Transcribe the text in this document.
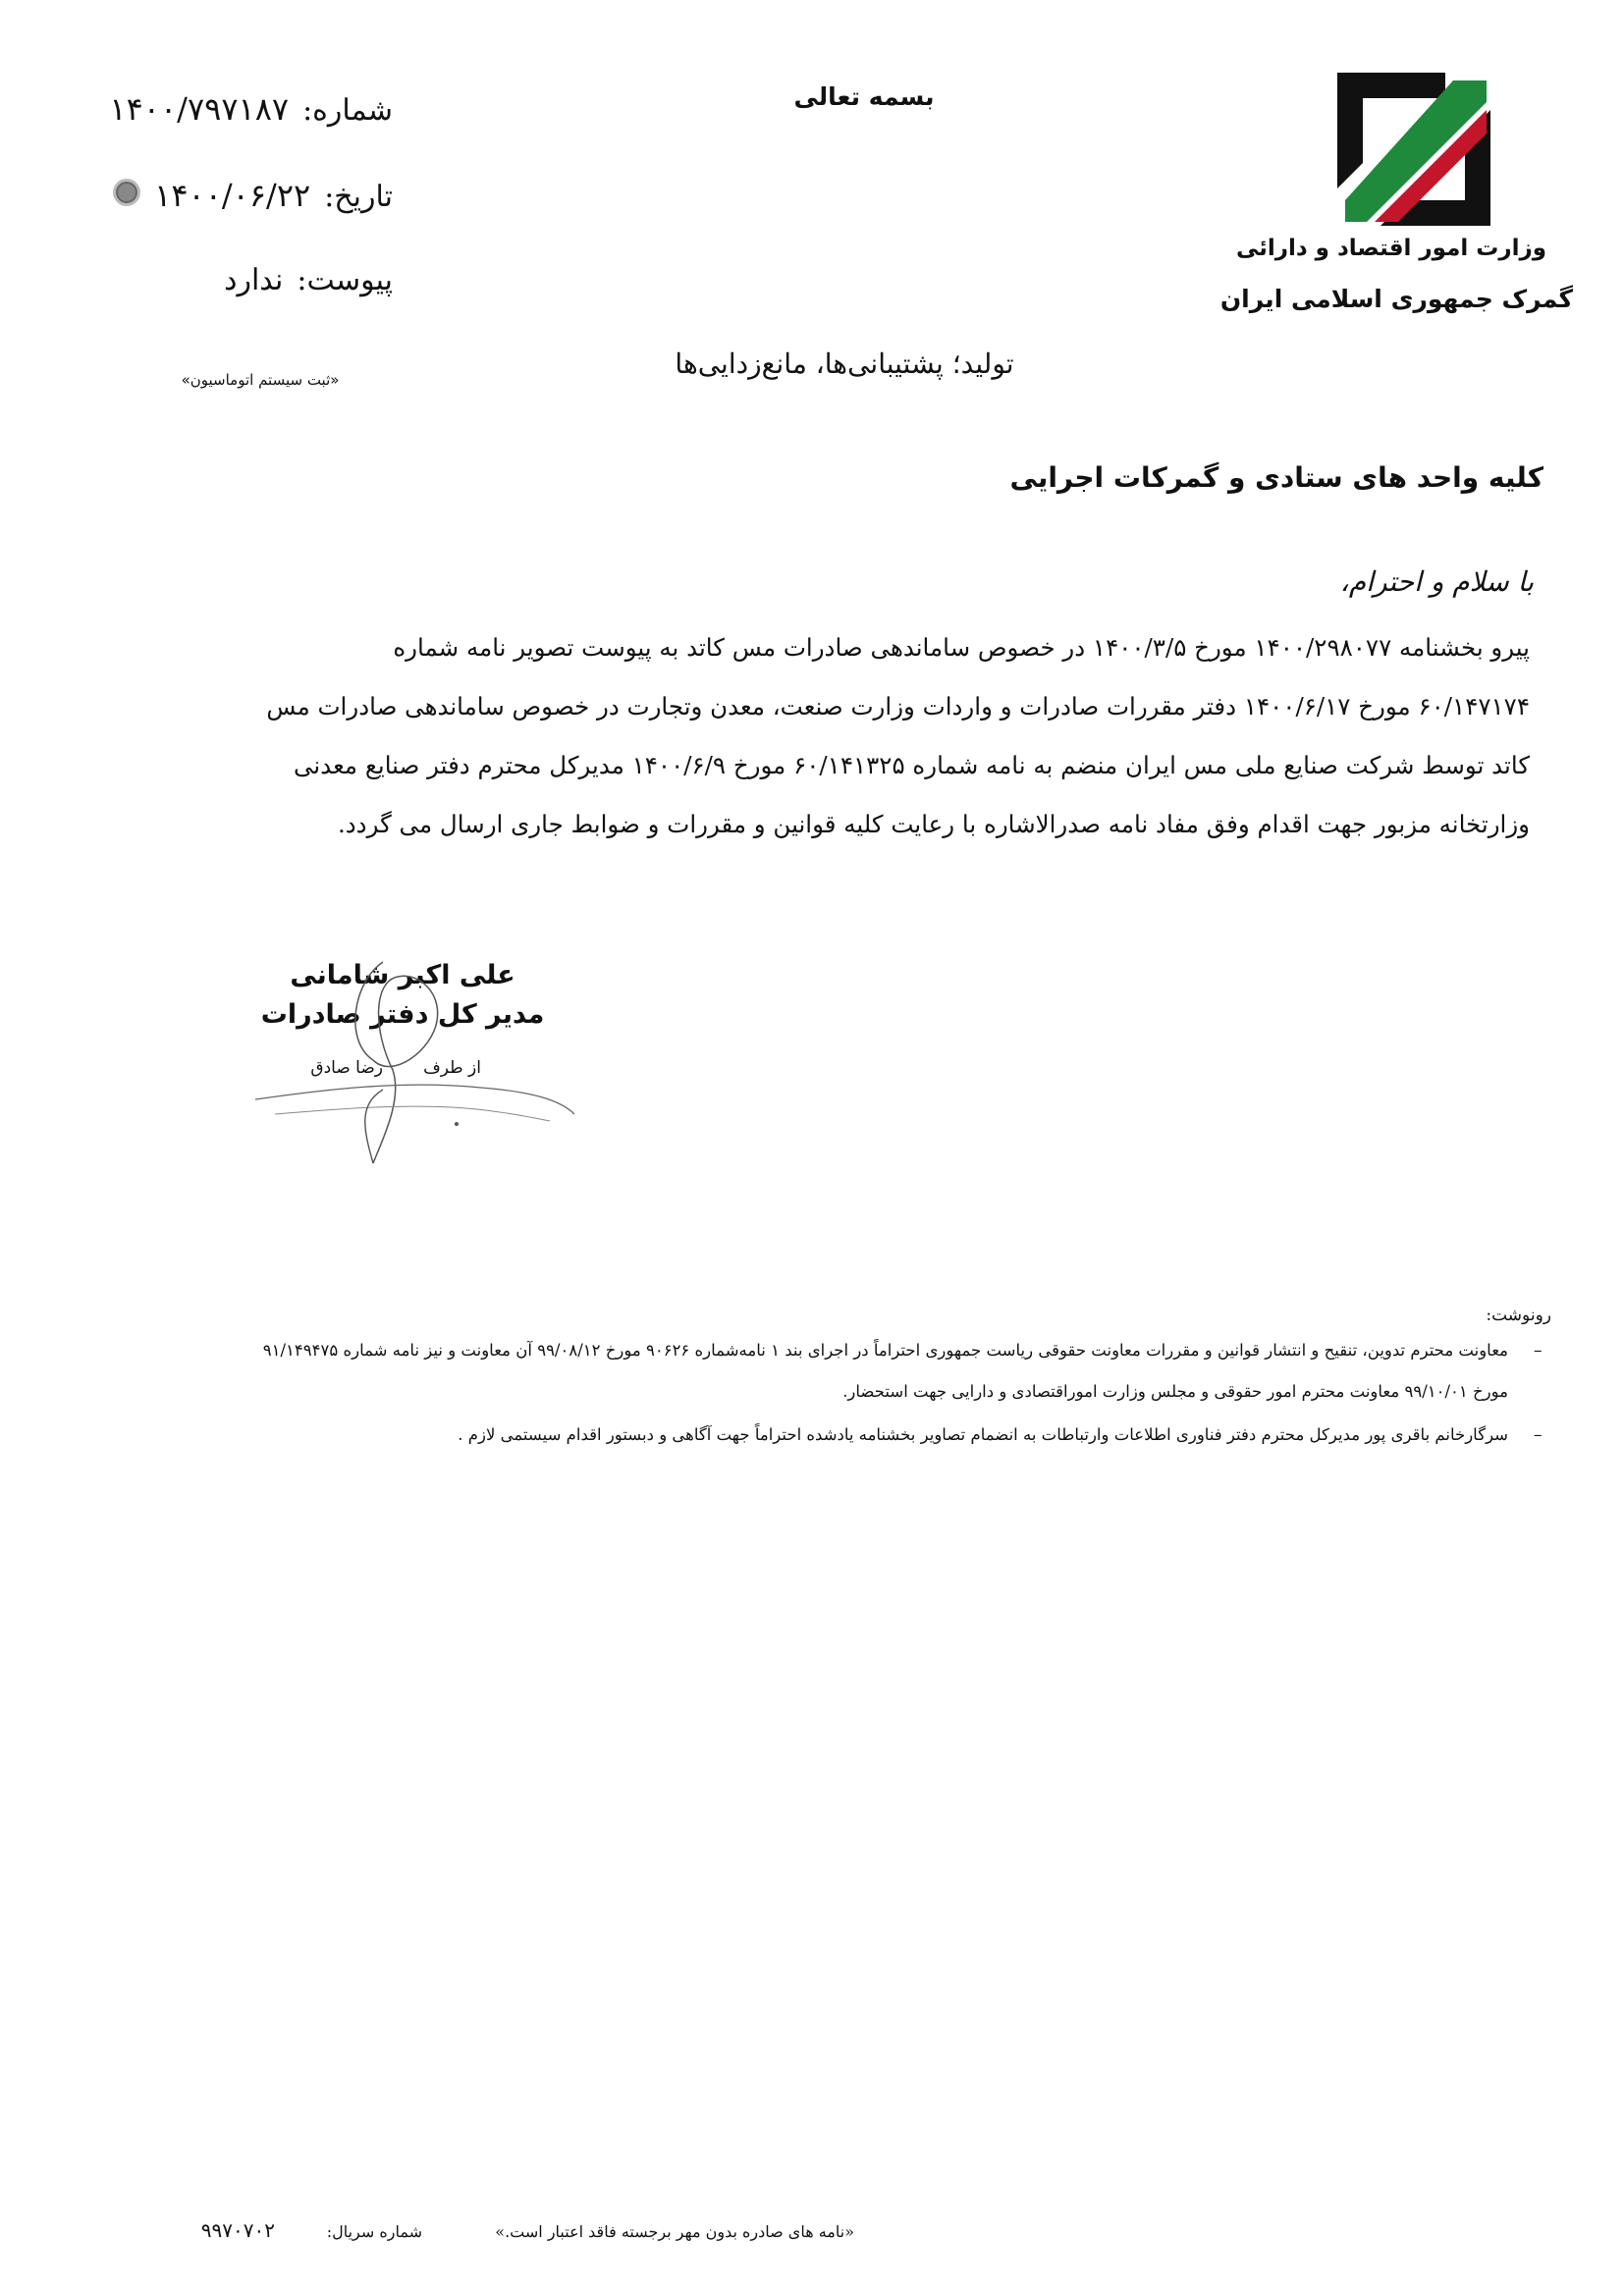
بسمه تعالی
وزارت امور اقتصاد و دارائی
گمرک جمهوری اسلامی ایران
شماره:
۱۴۰۰/۷۹۷۱۸۷
تاریخ:
۱۴۰۰/۰۶/۲۲
پیوست:
ندارد
«ثبت سیستم اتوماسیون»	تولید؛ پشتیبانی‌ها، مانع‌زدایی‌ها
کلیه واحد های ستادی و گمرکات اجرایی
با سلام و احترام،
پیرو بخشنامه ۱۴۰۰/۲۹۸۰۷۷ مورخ ۱۴۰۰/۳/۵ در خصوص ساماندهی صادرات مس کاتد به پیوست تصویر نامه شماره
۶۰/۱۴۷۱۷۴ مورخ ۱۴۰۰/۶/۱۷ دفتر مقررات صادرات و واردات وزارت صنعت، معدن وتجارت در خصوص ساماندهی صادرات مس
کاتد توسط شرکت صنایع ملی مس ایران منضم به نامه شماره ۶۰/۱۴۱۳۲۵ مورخ ۱۴۰۰/۶/۹ مدیرکل محترم دفتر صنایع معدنی
وزارتخانه مزبور جهت اقدام وفق مفاد نامه صدرالاشاره با رعایت کلیه قوانین و مقررات و ضوابط جاری ارسال می گردد.
علی اکبر شامانی
مدیر کل دفتر صادرات
از طرف
رضا صادق
رونوشت:
–
معاونت محترم تدوین، تنقیح و انتشار قوانین و مقررات معاونت حقوقی ریاست جمهوری احتراماً در اجرای بند ۱ نامه‌شماره ۹۰۶۲۶ مورخ ۹۹/۰۸/۱۲ آن معاونت و نیز نامه شماره ۹۱/۱۴۹۴۷۵
مورخ ۹۹/۱۰/۰۱ معاونت محترم امور حقوقی و مجلس وزارت اموراقتصادی و دارایی جهت استحضار.
–
سرگارخانم باقری پور مدیرکل محترم دفتر فناوری اطلاعات وارتباطات به انضمام تصاویر بخشنامه یادشده احتراماً جهت آگاهی و دبستور اقدام سیستمی لازم .
«نامه های صادره بدون مهر برجسته فاقد اعتبار است.»
شماره سریال:
۹۹۷۰۷۰۲
